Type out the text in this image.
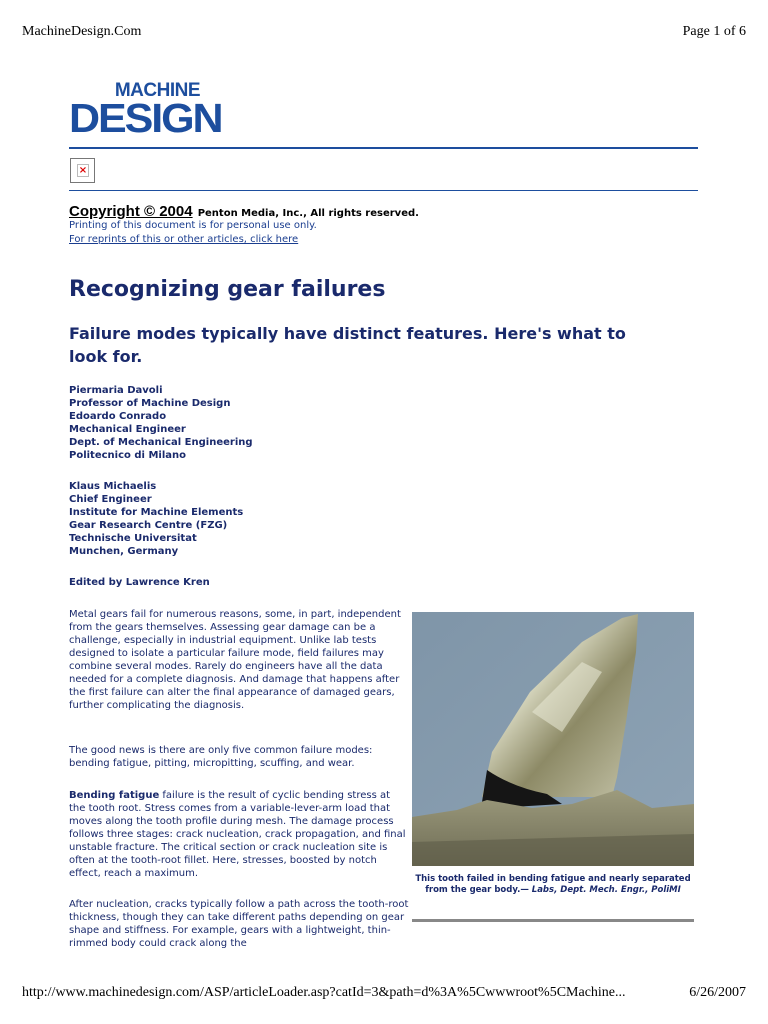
MachineDesign.Com	Page 1 of 6
MACHINE
DESIGN
×
Copyright © 2004 Penton Media, Inc., All rights reserved.
Printing of this document is for personal use only.
For reprints of this or other articles, click here
Recognizing gear failures
Failure modes typically have distinct features. Here's what to look for.
Piermaria Davoli
Professor of Machine Design
Edoardo Conrado
Mechanical Engineer
Dept. of Mechanical Engineering
Politecnico di Milano
Klaus Michaelis
Chief Engineer
Institute for Machine Elements
Gear Research Centre (FZG)
Technische Universitat
Munchen, Germany
Edited by Lawrence Kren
Metal gears fail for numerous reasons, some, in part, independent from the gears themselves. Assessing gear damage can be a challenge, especially in industrial equipment. Unlike lab tests designed to isolate a particular failure mode, field failures may combine several modes. Rarely do engineers have all the data needed for a complete diagnosis. And damage that happens after the first failure can alter the final appearance of damaged gears, further complicating the diagnosis.
The good news is there are only five common failure modes: bending fatigue, pitting, micropitting, scuffing, and wear.
Bending fatigue failure is the result of cyclic bending stress at the tooth root. Stress comes from a variable-lever-arm load that moves along the tooth profile during mesh. The damage process follows three stages: crack nucleation, crack propagation, and final unstable fracture. The critical section or crack nucleation site is often at the tooth-root fillet. Here, stresses, boosted by notch effect, reach a maximum.
After nucleation, cracks typically follow a path across the tooth-root thickness, though they can take different paths depending on gear shape and stiffness. For example, gears with a lightweight, thin-rimmed body could crack along the
This tooth failed in bending fatigue and nearly separated from the gear body.— Labs, Dept. Mech. Engr., PoliMI
http://www.machinedesign.com/ASP/articleLoader.asp?catId=3&path=d%3A%5Cwwwroot%5CMachine...	6/26/2007
